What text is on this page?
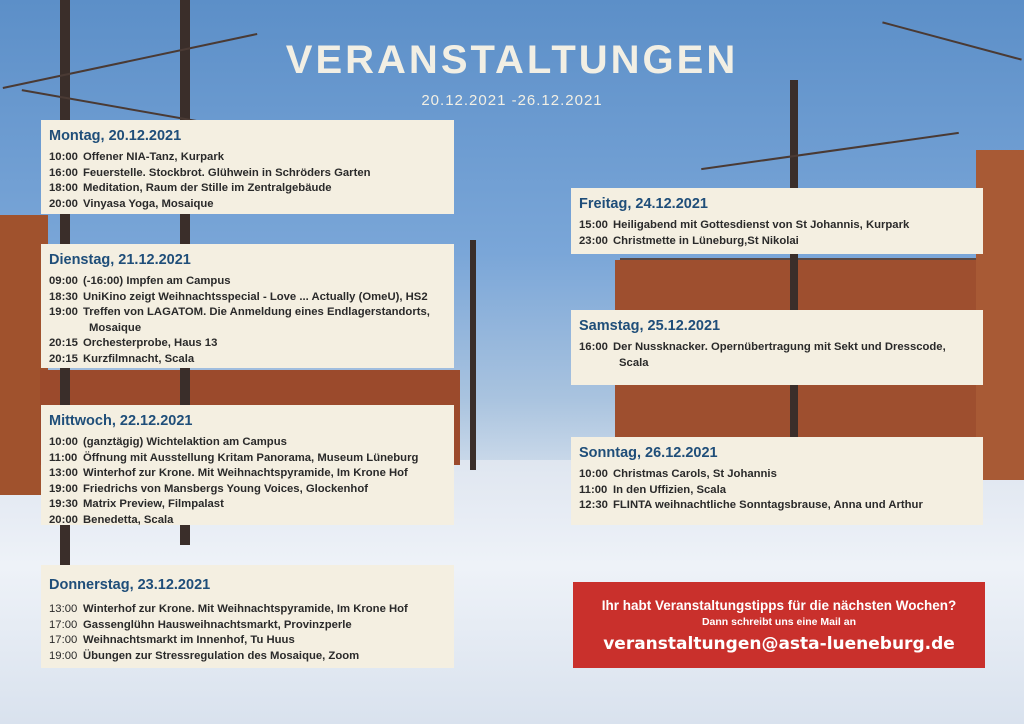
VERANSTALTUNGEN
20.12.2021 -26.12.2021
Montag, 20.12.2021
10:00 Offener NIA-Tanz, Kurpark
16:00 Feuerstelle. Stockbrot. Glühwein in Schröders Garten
18:00 Meditation, Raum der Stille im Zentralgebäude
20:00 Vinyasa Yoga, Mosaique
Dienstag, 21.12.2021
09:00 (-16:00) Impfen am Campus
18:30 UniKino zeigt Weihnachtsspecial - Love ... Actually (OmeU), HS2
19:00 Treffen von LAGATOM. Die Anmeldung eines Endlagerstandorts,
Mosaique
20:15 Orchesterprobe, Haus 13
20:15 Kurzfilmnacht, Scala
Mittwoch, 22.12.2021
10:00 (ganztägig) Wichtelaktion am Campus
11:00 Öffnung mit Ausstellung Kritam Panorama, Museum Lüneburg
13:00 Winterhof zur Krone. Mit Weihnachtspyramide, Im Krone Hof
19:00 Friedrichs von Mansbergs Young Voices, Glockenhof
19:30 Matrix Preview, Filmpalast
20:00 Benedetta, Scala
Donnerstag, 23.12.2021
13:00 Winterhof zur Krone. Mit Weihnachtspyramide, Im Krone Hof
17:00 Gassenglühn Hausweihnachtsmarkt, Provinzperle
17:00 Weihnachtsmarkt im Innenhof, Tu Huus
19:00 Übungen zur Stressregulation des Mosaique, Zoom
Freitag, 24.12.2021
15:00 Heiligabend mit Gottesdienst von St Johannis, Kurpark
23:00 Christmette in Lüneburg,St Nikolai
Samstag, 25.12.2021
16:00 Der Nussknacker. Opernübertragung mit Sekt und Dresscode,
Scala
Sonntag, 26.12.2021
10:00 Christmas Carols, St Johannis
11:00 In den Uffizien, Scala
12:30 FLINTA weihnachtliche Sonntagsbrause, Anna und Arthur
Ihr habt Veranstaltungstipps für die nächsten Wochen?
Dann schreibt uns eine Mail an
veranstaltungen@asta-lueneburg.de
